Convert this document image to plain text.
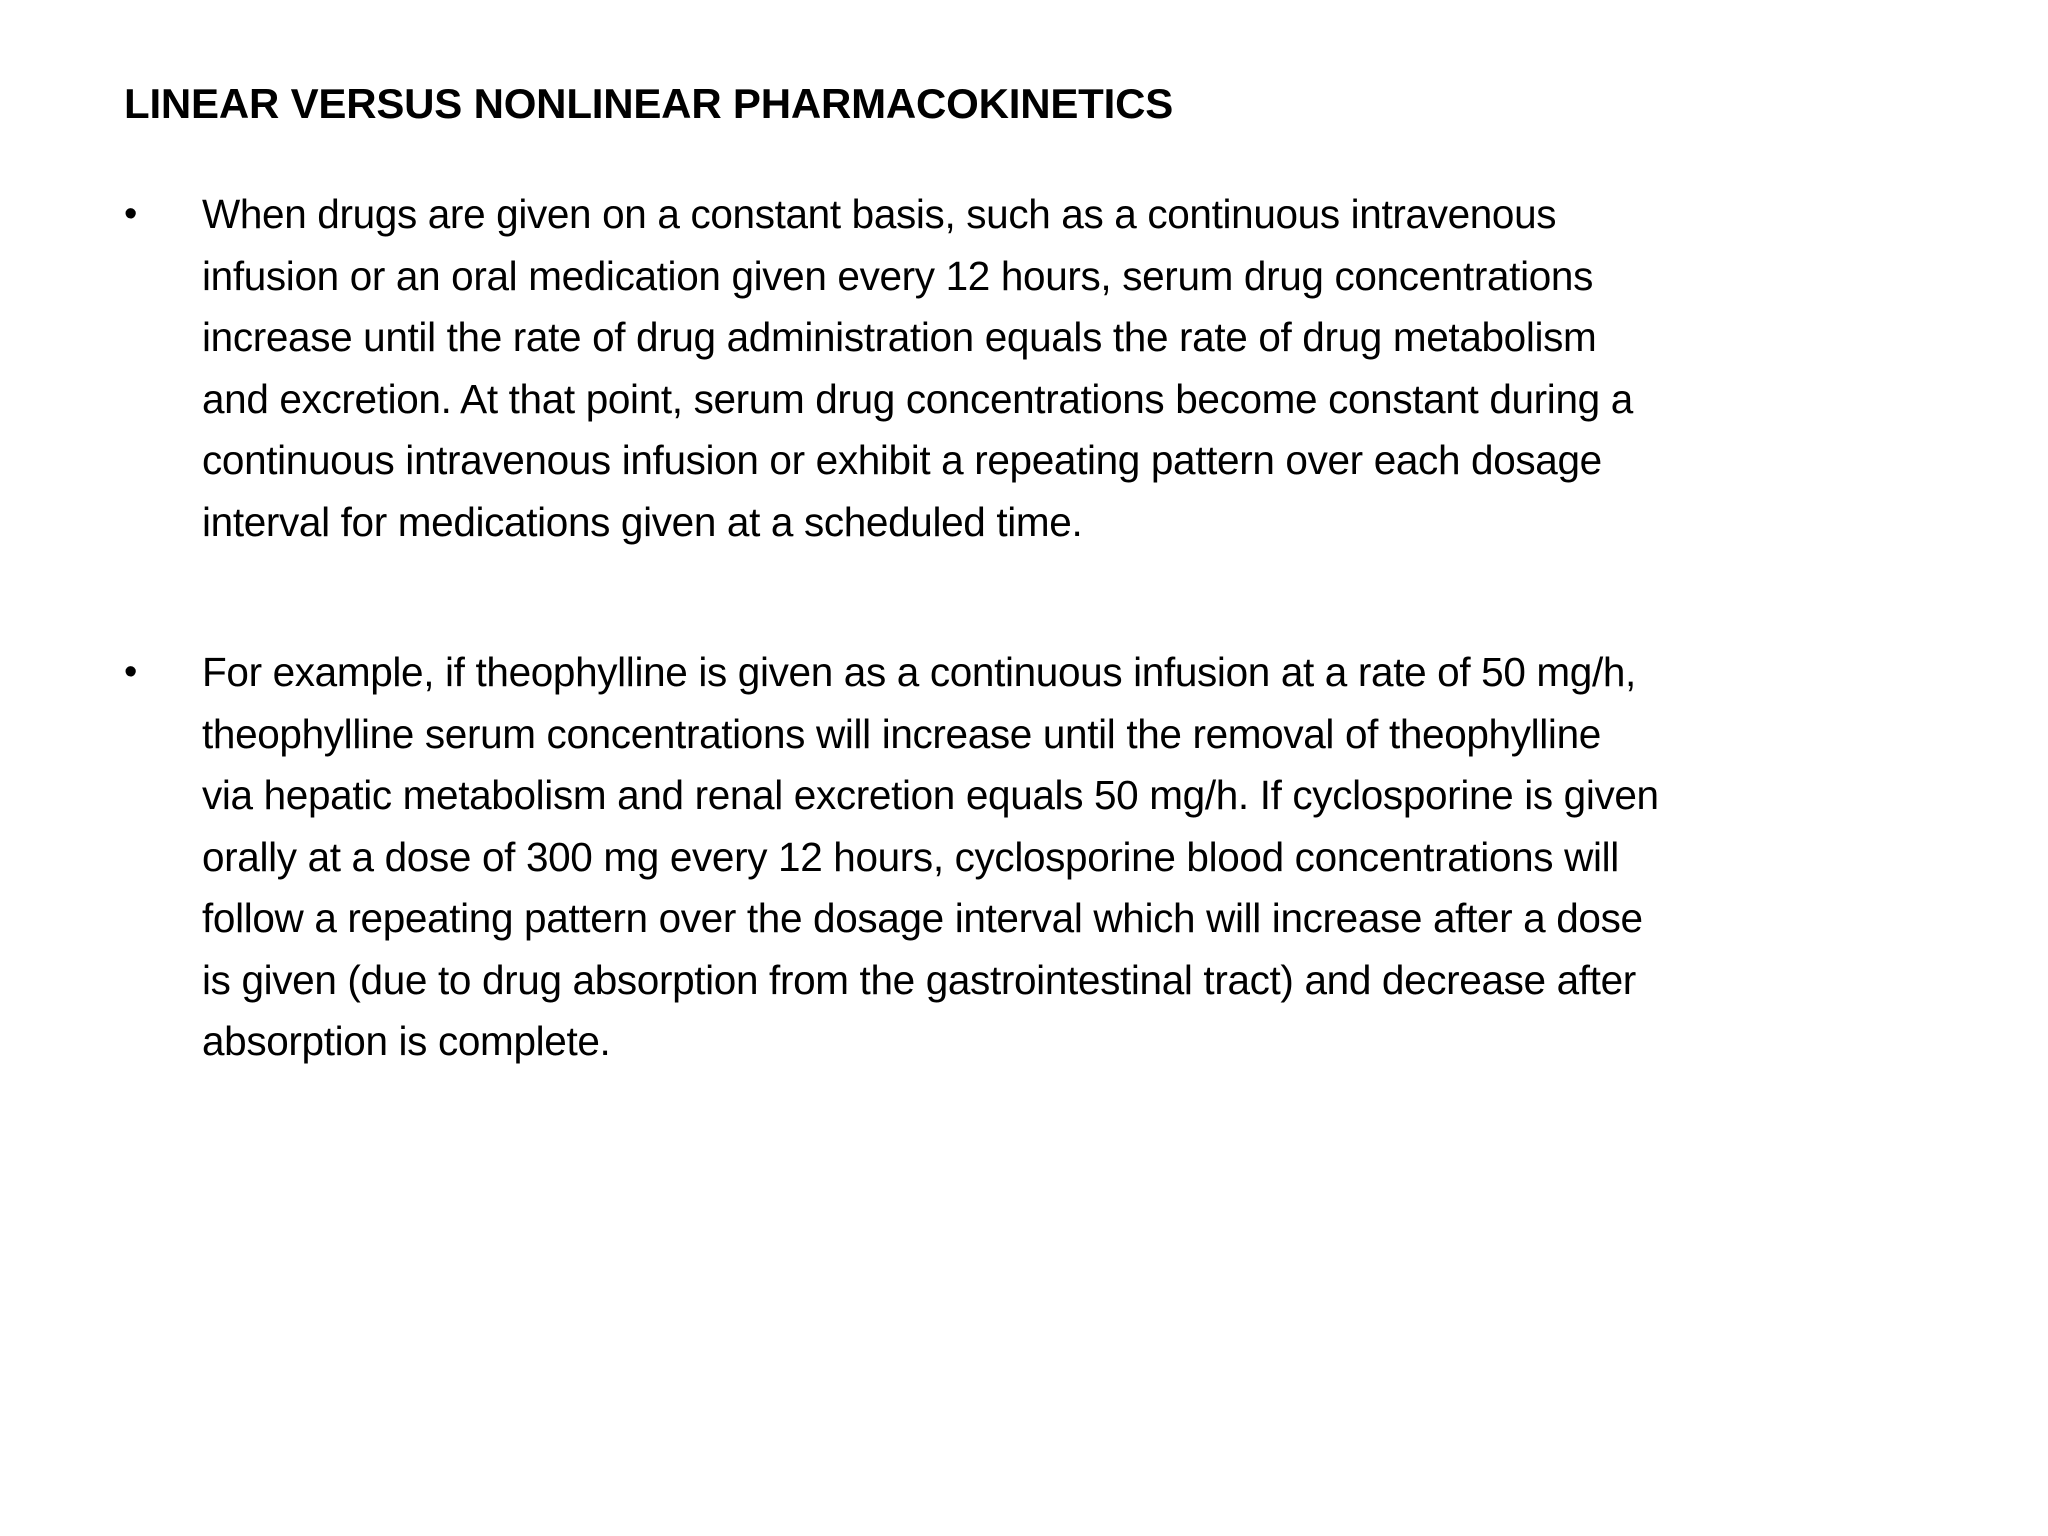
LINEAR VERSUS NONLINEAR PHARMACOKINETICS
•	When drugs are given on a constant basis, such as a continuous intravenous
infusion or an oral medication given every 12 hours, serum drug concentrations
increase until the rate of drug administration equals the rate of drug metabolism
and excretion. At that point, serum drug concentrations become constant during a
continuous intravenous infusion or exhibit a repeating pattern over each dosage
interval for medications given at a scheduled time.
•	For example, if theophylline is given as a continuous infusion at a rate of 50 mg/h,
theophylline serum concentrations will increase until the removal of theophylline
via hepatic metabolism and renal excretion equals 50 mg/h. If cyclosporine is given
orally at a dose of 300 mg every 12 hours, cyclosporine blood concentrations will
follow a repeating pattern over the dosage interval which will increase after a dose
is given (due to drug absorption from the gastrointestinal tract) and decrease after
absorption is complete.
